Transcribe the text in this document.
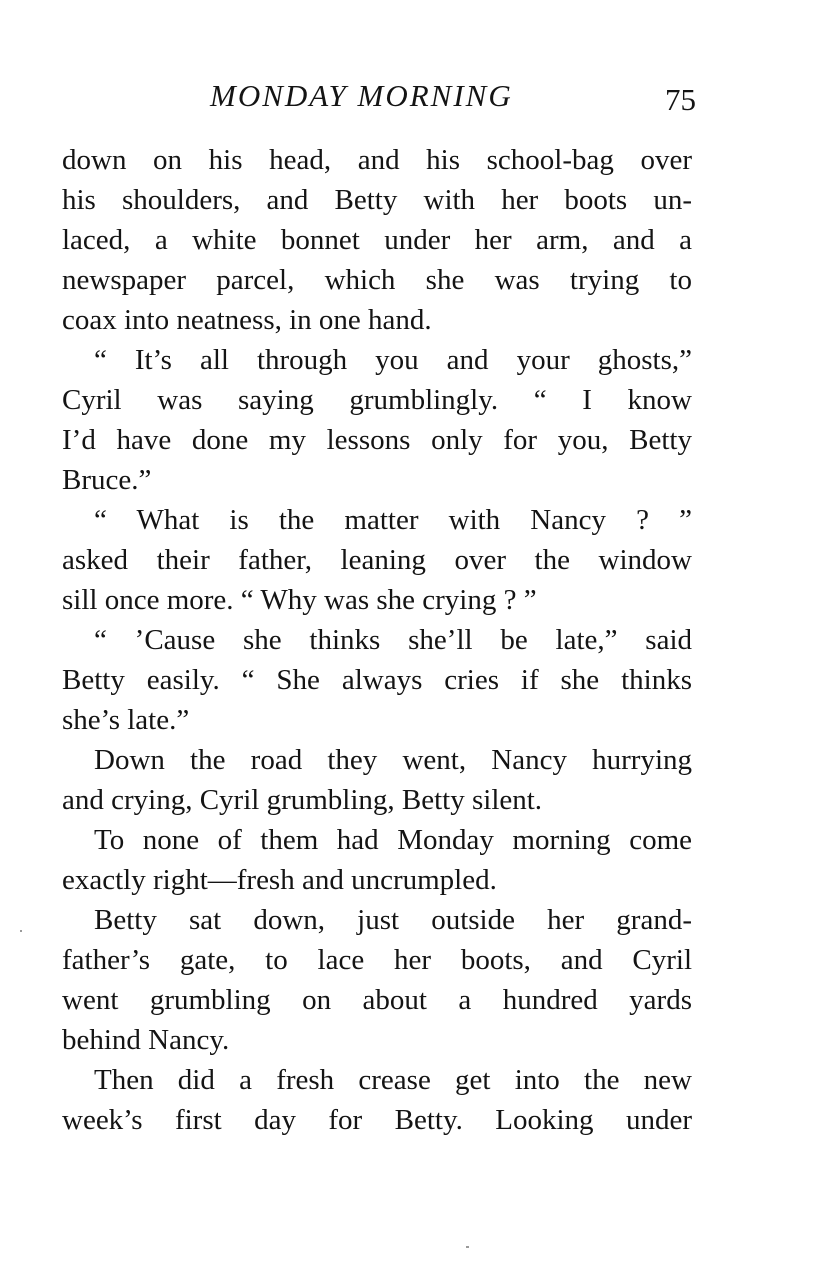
MONDAY MORNING	75
down on his head, and his school-bag over
his shoulders, and Betty with her boots un-
laced, a white bonnet under her arm, and a
newspaper parcel, which she was trying to
coax into neatness, in one hand.
“ It’s all through you and your ghosts,”
Cyril was saying grumblingly. “ I know
I’d have done my lessons only for you, Betty
Bruce.”
“ What is the matter with Nancy ? ”
asked their father, leaning over the window
sill once more. “ Why was she crying ? ”
“ ’Cause she thinks she’ll be late,” said
Betty easily. “ She always cries if she thinks
she’s late.”
Down the road they went, Nancy hurrying
and crying, Cyril grumbling, Betty silent.
To none of them had Monday morning come
exactly right—fresh and uncrumpled.
Betty sat down, just outside her grand-
father’s gate, to lace her boots, and Cyril
went grumbling on about a hundred yards
behind Nancy.
Then did a fresh crease get into the new
week’s first day for Betty. Looking under
